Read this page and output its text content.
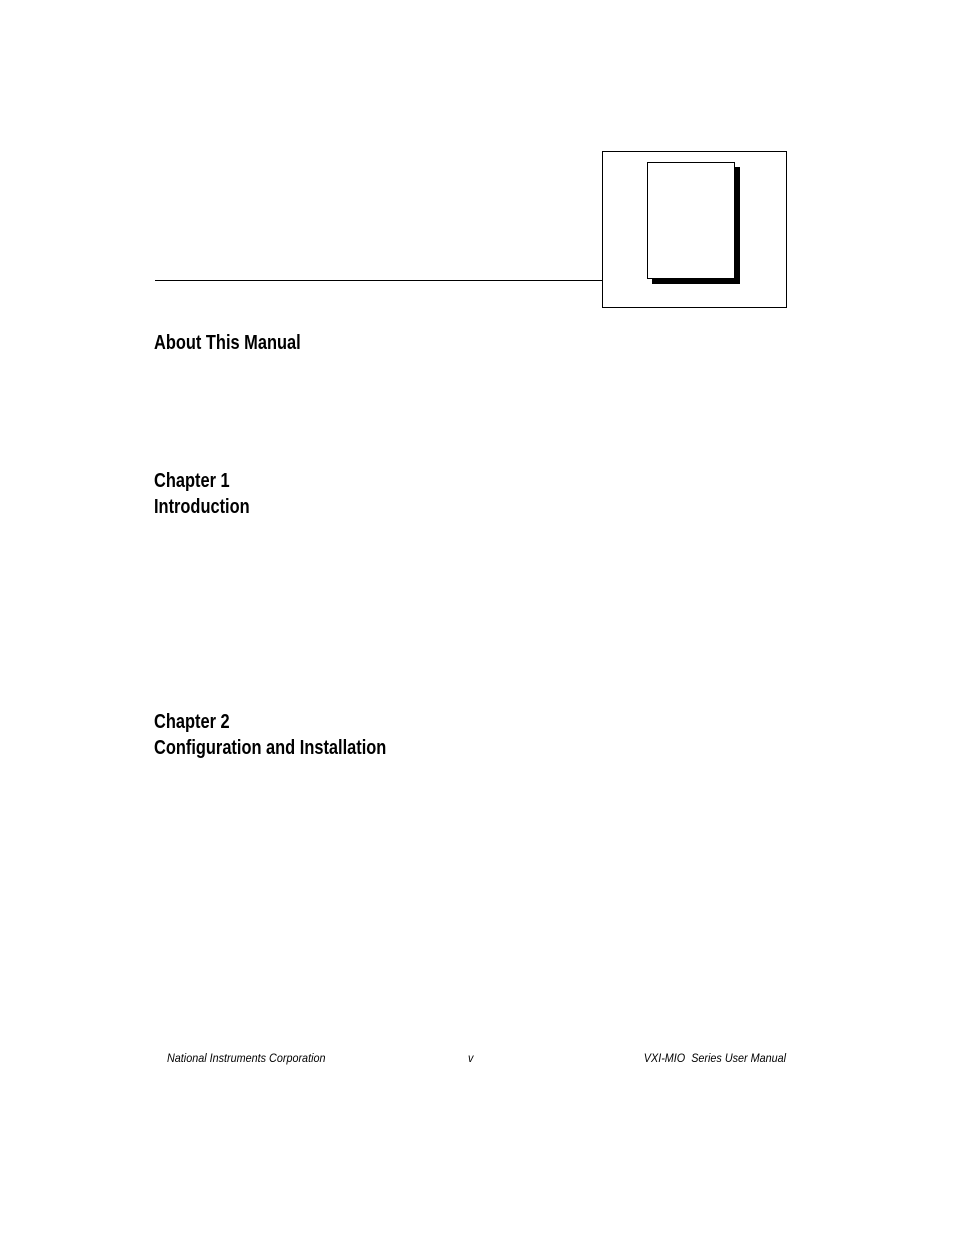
About This Manual
Chapter 1
Introduction
Chapter 2
Configuration and Installation
National Instruments Corporation	v	VXI-MIO  Series User Manual
